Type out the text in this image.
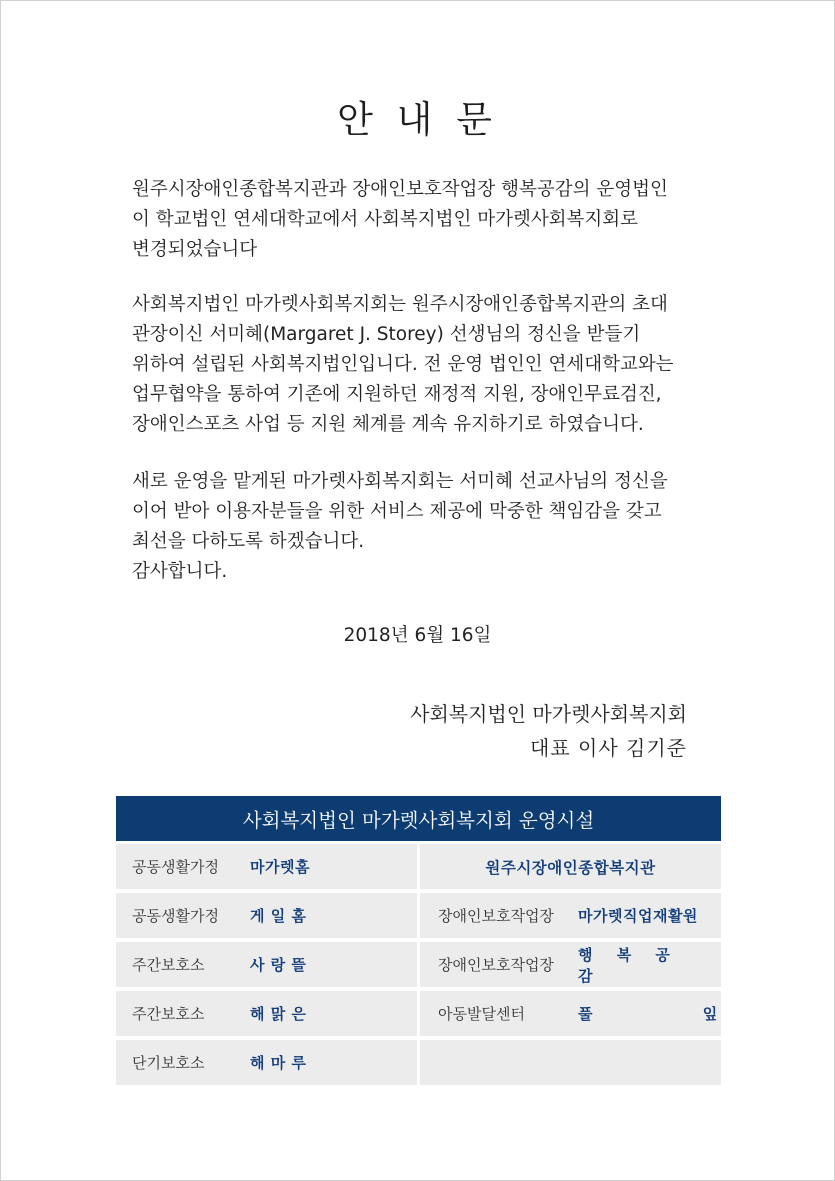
안 내 문
원주시장애인종합복지관과 장애인보호작업장 행복공감의 운영법인
이 학교법인 연세대학교에서 사회복지법인 마가렛사회복지회로
변경되었습니다
사회복지법인 마가렛사회복지회는 원주시장애인종합복지관의 초대
관장이신 서미혜(Margaret J. Storey) 선생님의 정신을 받들기
위하여 설립된 사회복지법인입니다. 전 운영 법인인 연세대학교와는
업무협약을 통하여 기존에 지원하던 재정적 지원, 장애인무료검진,
장애인스포츠 사업 등 지원 체계를 계속 유지하기로 하였습니다.
새로 운영을 맡게된 마가렛사회복지회는 서미혜 선교사님의 정신을
이어 받아 이용자분들을 위한 서비스 제공에 막중한 책임감을 갖고
최선을 다하도록 하겠습니다.
감사합니다.
2018년 6월 16일
사회복지법인 마가렛사회복지회
대표 이사 김기준
사회복지법인 마가렛사회복지회 운영시설
공동생활가정	마가렛홈	원주시장애인종합복지관
공동생활가정	게 일 홈	장애인보호작업장	마가렛직업재활원
주간보호소	사 랑 뜰	장애인보호작업장
행 복 공 감
주간보호소	해 맑 은	아동발달센터	풀 잎
단기보호소	해 마 루
